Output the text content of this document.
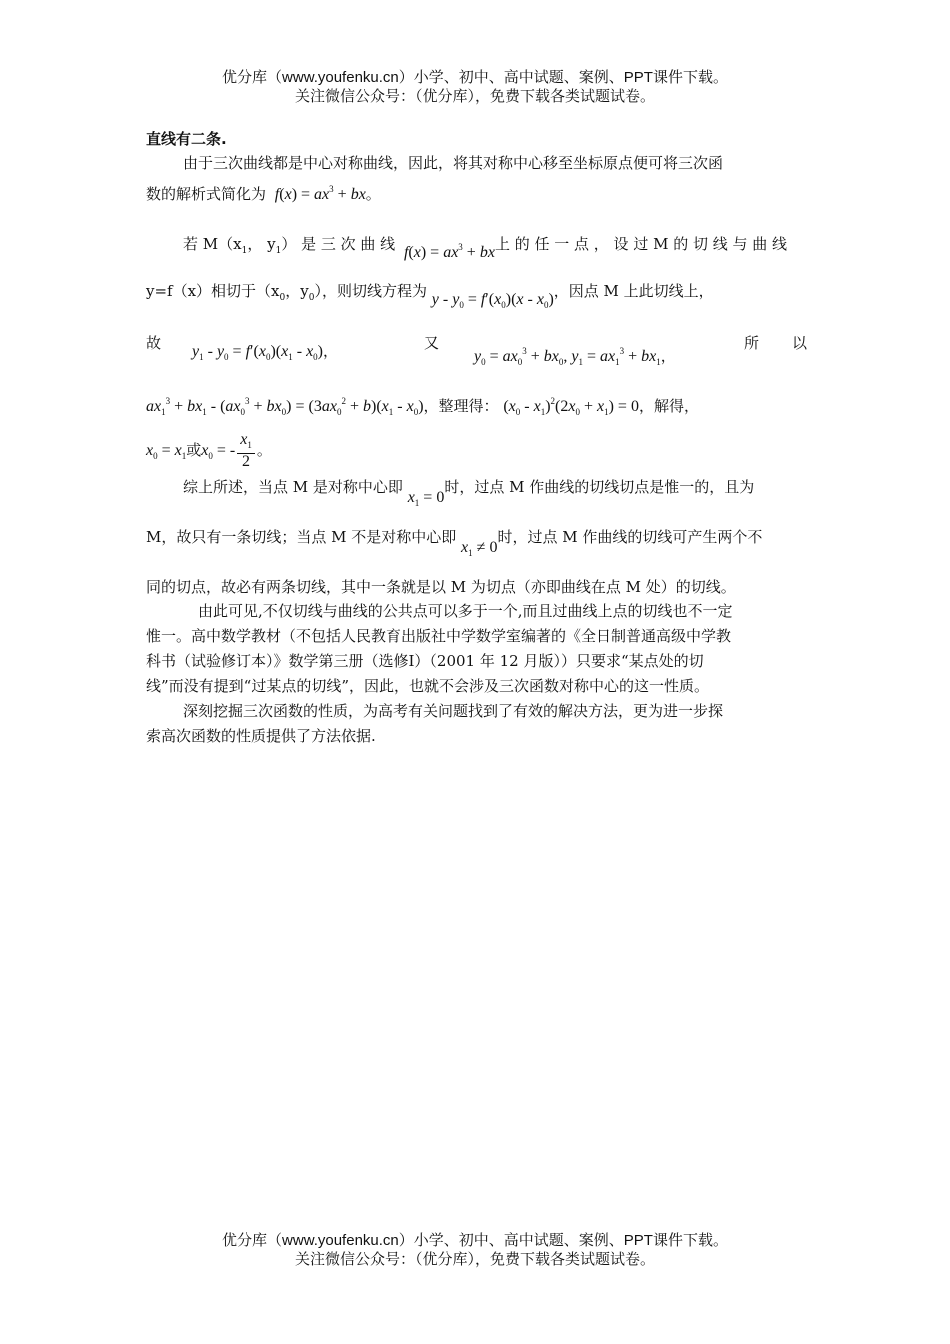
优分库（www.youfenku.cn）小学、初中、高中试题、案例、PPT课件下载。
关注微信公众号：（优分库），免费下载各类试题试卷。
直线有二条.
由于三次曲线都是中心对称曲线，因此，将其对称中心移至坐标原点便可将三次函
数的解析式简化为  $f(x) = ax^3$ + bx。
若 $M(x_1$， $y_1$） 是 三 次 曲 线  $f(x) = ax^3$ + bx上 的 任 一 点 ， 设 过 M 的 切 线 与 曲 线
y=f（x）相切于（$x_0$，$y_0$），则切线方程为 $y - y_0 = f'(x_0)(x - x_0)$，因点 M 上此切线上，
故 $y_1 - y_0 = f'(x_0)(x_1 - x_0)$，	又
$y_0 = ax_0^3 + bx_0$, $y_1 = ax_1^3 + bx_1$，
所 以
$ax_1^3 + bx_1 - (ax_0^3 + bx_0) = (3ax_0^2 + b)(x_1 - x_0)$，整理得： $(x_0 - x_1)^2(2x_0 + x_1) = 0$，解得，
$x_0 = x_1$或$x_0$ = - $\frac{x_1}{2}$ 。
综上所述，当点 M 是对称中心即 $x_1 = 0$时，过点 M 作曲线的切线切点是惟一的，且为
M，故只有一条切线；当点 M 不是对称中心即 $x_1 \ne 0$时，过点 M 作曲线的切线可产生两个不
同的切点，故必有两条切线，其中一条就是以 M 为切点（亦即曲线在点 M 处）的切线。
由此可见,不仅切线与曲线的公共点可以多于一个,而且过曲线上点的切线也不一定
惟一。高中数学教材（不包括人民教育出版社中学数学室编著的《全日制普通高级中学教
科书（试验修订本）》数学第三册（选修Ⅰ）（2001 年 12 月版））只要求“某点处的切
线”而没有提到“过某点的切线”，因此，也就不会涉及三次函数对称中心的这一性质。
深刻挖掘三次函数的性质，为高考有关问题找到了有效的解决方法，更为进一步探
索高次函数的性质提供了方法依据.
优分库（www.youfenku.cn）小学、初中、高中试题、案例、PPT课件下载。
关注微信公众号：（优分库），免费下载各类试题试卷。
